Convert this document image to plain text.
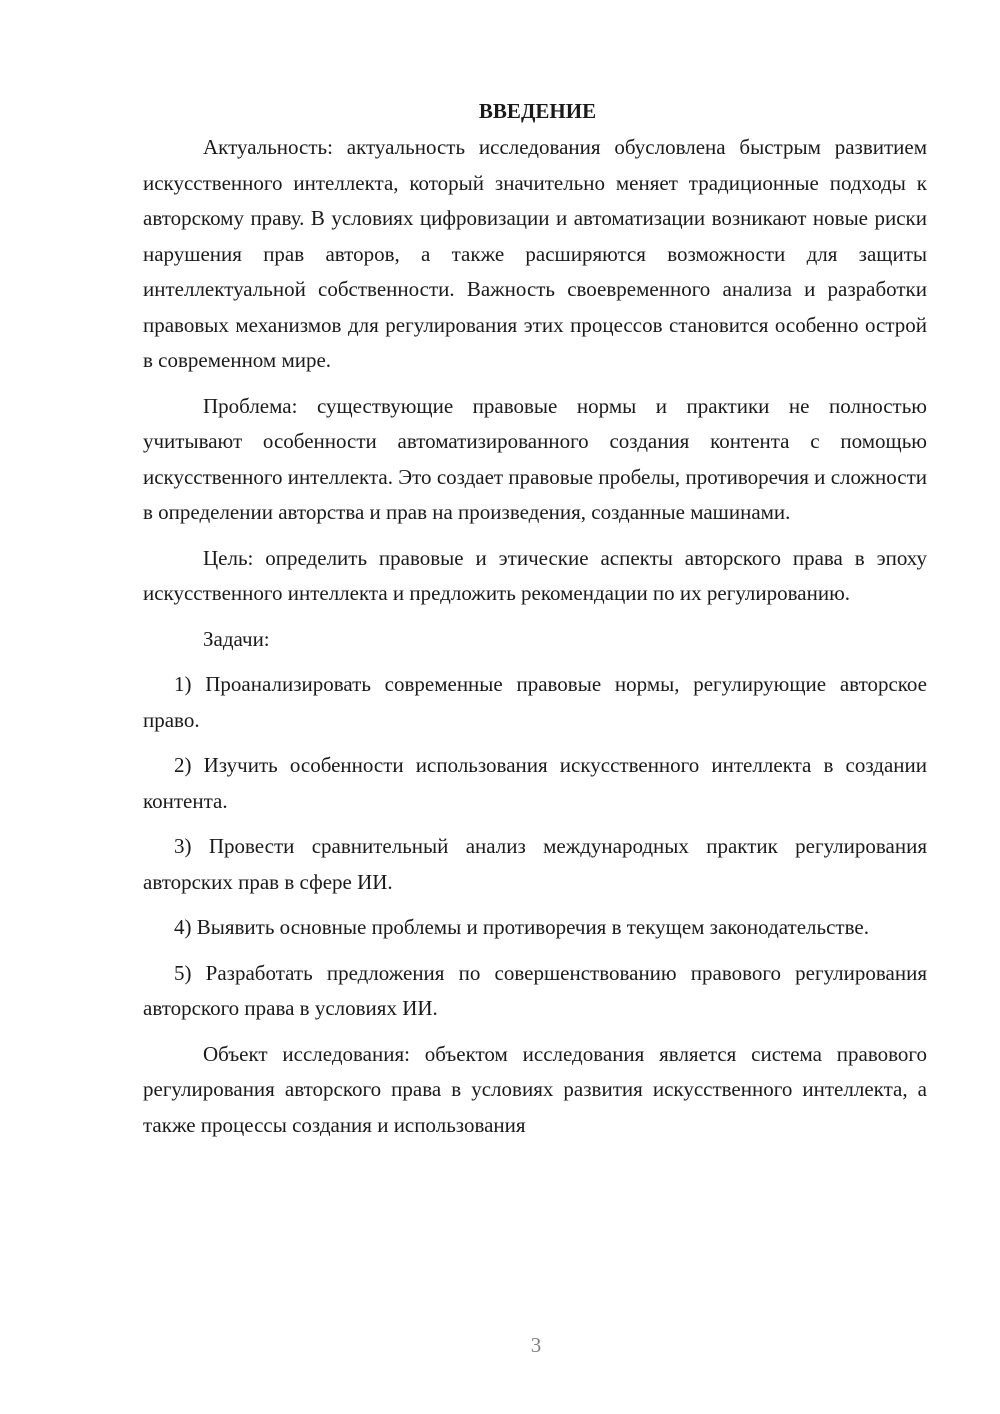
ВВЕДЕНИЕ

Актуальность: актуальность исследования обусловлена быстрым развитием искусственного интеллекта, который значительно меняет традиционные подходы к авторскому праву. В условиях цифровизации и автоматизации возникают новые риски нарушения прав авторов, а также расширяются возможности для защиты интеллектуальной собственности. Важность своевременного анализа и разработки правовых механизмов для регулирования этих процессов становится особенно острой в современном мире.

Проблема: существующие правовые нормы и практики не полностью учитывают особенности автоматизированного создания контента с помощью искусственного интеллекта. Это создает правовые пробелы, противоречия и сложности в определении авторства и прав на произведения, созданные машинами.

Цель: определить правовые и этические аспекты авторского права в эпоху искусственного интеллекта и предложить рекомендации по их регулированию.

Задачи:

1) Проанализировать современные правовые нормы, регулирующие авторское право.

2) Изучить особенности использования искусственного интеллекта в создании контента.

3) Провести сравнительный анализ международных практик регулирования авторских прав в сфере ИИ.

4) Выявить основные проблемы и противоречия в текущем законодательстве.

5) Разработать предложения по совершенствованию правового регулирования авторского права в условиях ИИ.

Объект исследования: объектом исследования является система правового регулирования авторского права в условиях развития искусственного интеллекта, а также процессы создания и использования

3
